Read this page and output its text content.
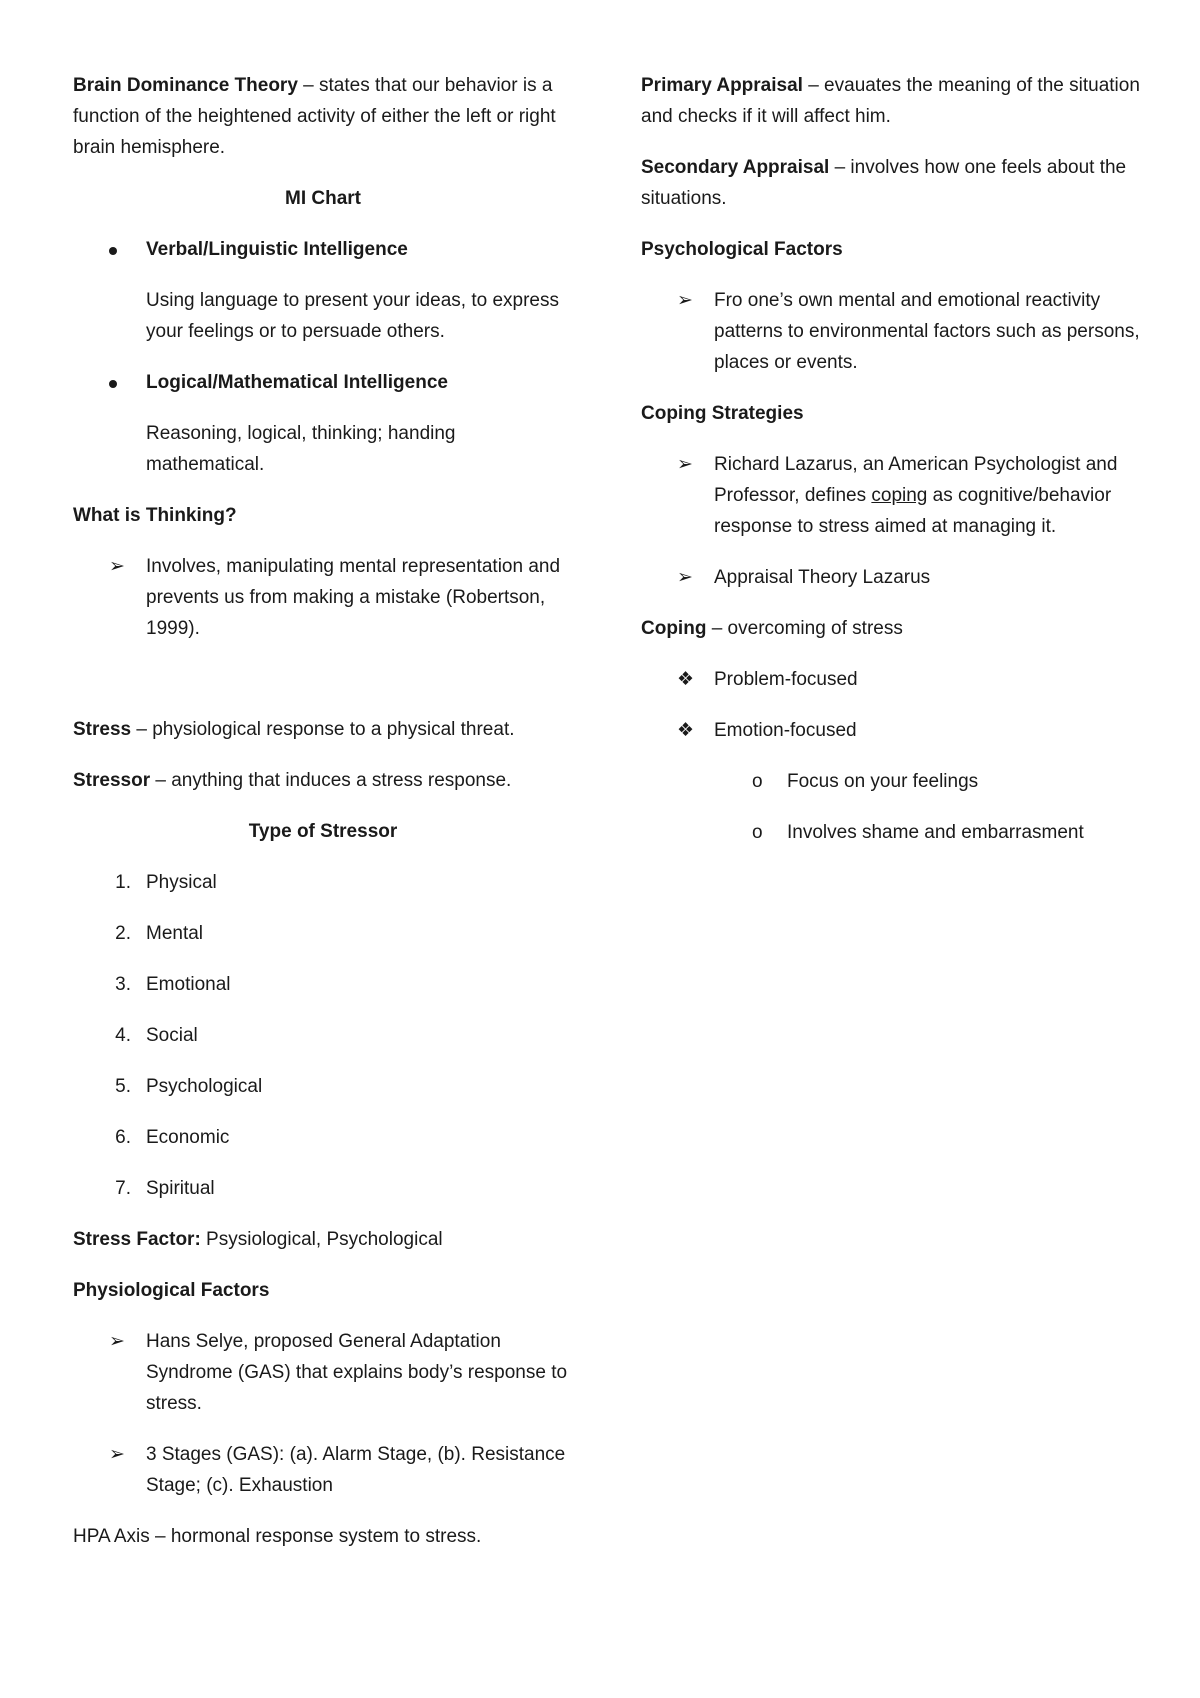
Brain Dominance Theory – states that our behavior is a function of the heightened activity of either the left or right brain hemisphere.

MI Chart

Verbal/Linguistic Intelligence
Using language to present your ideas, to express your feelings or to persuade others.
Logical/Mathematical Intelligence
Reasoning, logical, thinking; handing mathematical.

What is Thinking?

➢ Involves, manipulating mental representation and prevents us from making a mistake (Robertson, 1999).

Stress – physiological response to a physical threat.

Stressor – anything that induces a stress response.

Type of Stressor

1. Physical
2. Mental
3. Emotional
4. Social
5. Psychological
6. Economic
7. Spiritual

Stress Factor: Psysiological, Psychological

Physiological Factors

➢ Hans Selye, proposed General Adaptation Syndrome (GAS) that explains body’s response to stress.
➢ 3 Stages (GAS): (a). Alarm Stage, (b). Resistance Stage; (c). Exhaustion

HPA Axis – hormonal response system to stress.

Primary Appraisal – evauates the meaning of the situation and checks if it will affect him.

Secondary Appraisal – involves how one feels about the situations.

Psychological Factors

➢ Fro one’s own mental and emotional reactivity patterns to environmental factors such as persons, places or events.

Coping Strategies

➢ Richard Lazarus, an American Psychologist and Professor, defines coping as cognitive/behavior response to stress aimed at managing it.
➢ Appraisal Theory Lazarus

Coping – overcoming of stress

❖ Problem-focused
❖ Emotion-focused
o Focus on your feelings
o Involves shame and embarrasment
